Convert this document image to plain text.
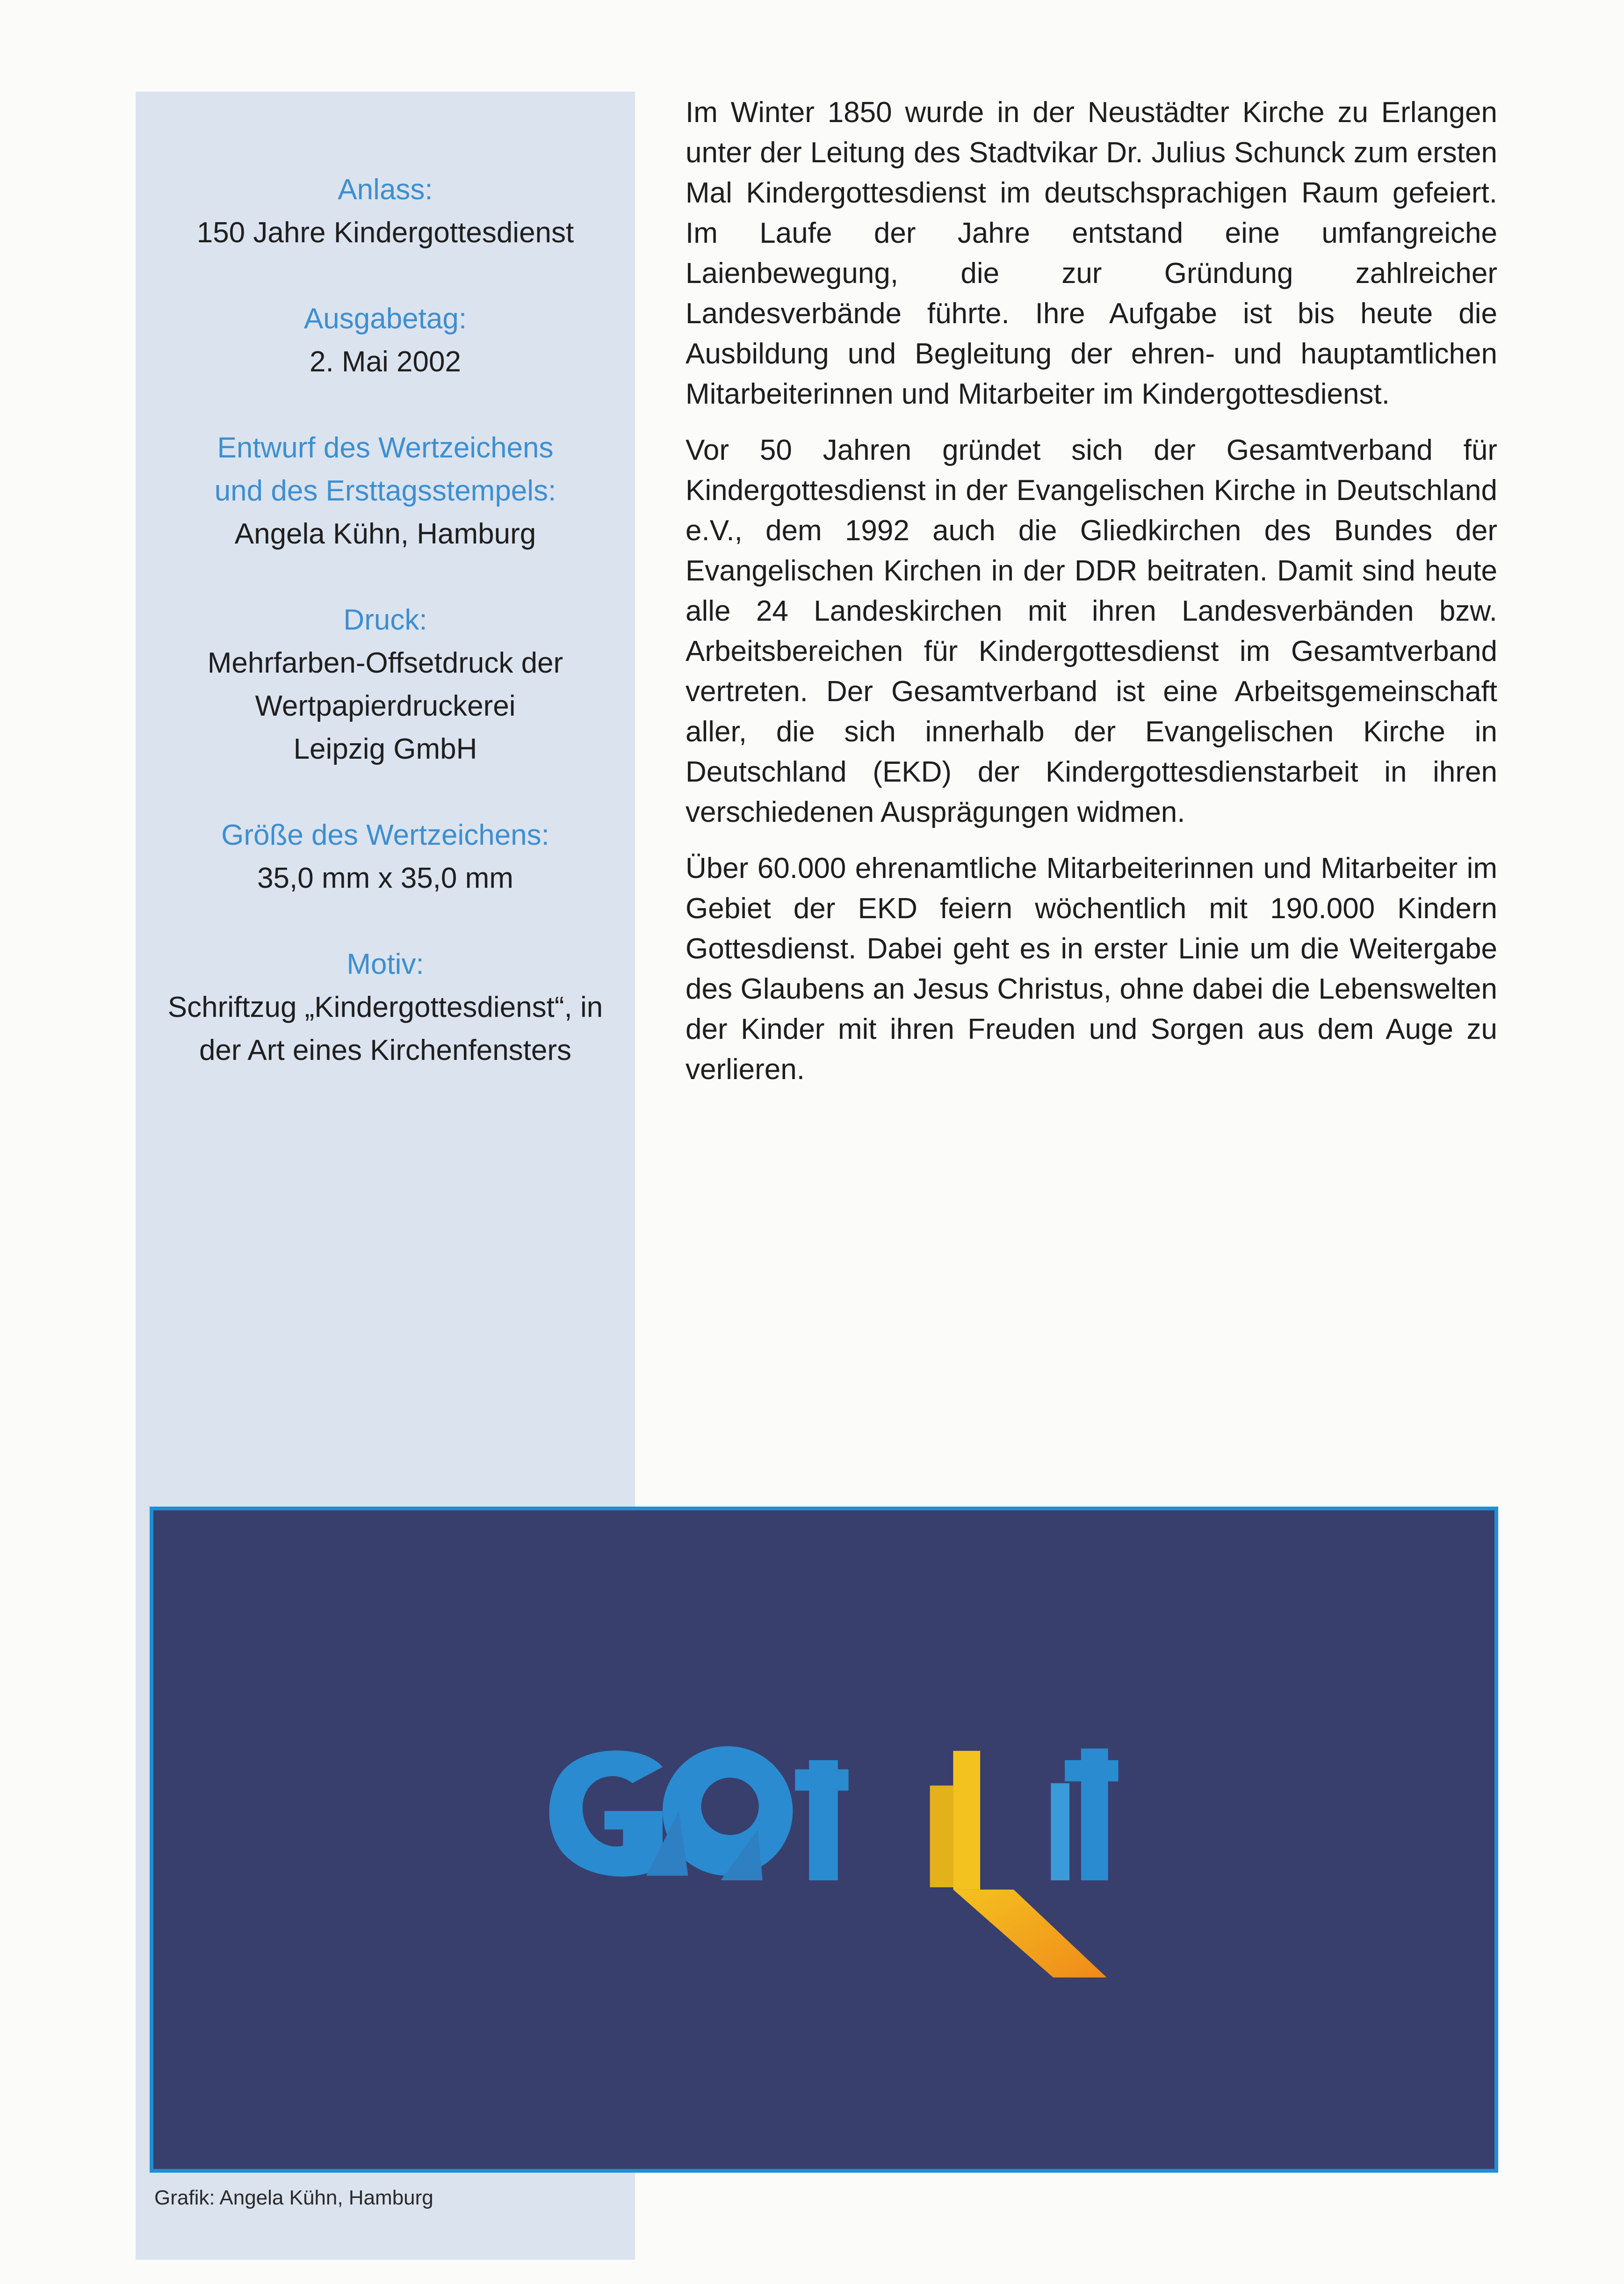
Anlass:

150 Jahre Kindergottesdienst

Ausgabetag:

2. Mai 2002

Entwurf des Wertzeichens und des Ersttagsstempels:

Angela Kühn, Hamburg

Druck:

Mehrfarben-Offsetdruck der Wertpapierdruckerei Leipzig GmbH

Größe des Wertzeichens:

35,0 mm x 35,0 mm

Motiv:

Schriftzug „Kindergottesdienst“, in der Art eines Kirchenfensters

Im Winter 1850 wurde in der Neustädter Kirche zu Erlangen unter der Leitung des Stadtvikar Dr. Julius Schunck zum ersten Mal Kindergottesdienst im deutschsprachigen Raum gefeiert. Im Laufe der Jahre entstand eine umfangreiche Laienbewegung, die zur Gründung zahlreicher Landesverbände führte. Ihre Aufgabe ist bis heute die Ausbildung und Begleitung der ehren- und hauptamtlichen Mitarbeiterinnen und Mitarbeiter im Kindergottesdienst.

Vor 50 Jahren gründet sich der Gesamtverband für Kindergottesdienst in der Evangelischen Kirche in Deutschland e.V., dem 1992 auch die Gliedkirchen des Bundes der Evangelischen Kirchen in der DDR beitraten. Damit sind heute alle 24 Landeskirchen mit ihren Landesverbänden bzw. Arbeitsbereichen für Kindergottesdienst im Gesamtverband vertreten. Der Gesamtverband ist eine Arbeitsgemeinschaft aller, die sich innerhalb der Evangelischen Kirche in Deutschland (EKD) der Kindergottesdienstarbeit in ihren verschiedenen Ausprägungen widmen.

Über 60.000 ehrenamtliche Mitarbeiterinnen und Mitarbeiter im Gebiet der EKD feiern wöchentlich mit 190.000 Kindern Gottesdienst. Dabei geht es in erster Linie um die Weitergabe des Glaubens an Jesus Christus, ohne dabei die Lebenswelten der Kinder mit ihren Freuden und Sorgen aus dem Auge zu verlieren.

Grafik: Angela Kühn, Hamburg
